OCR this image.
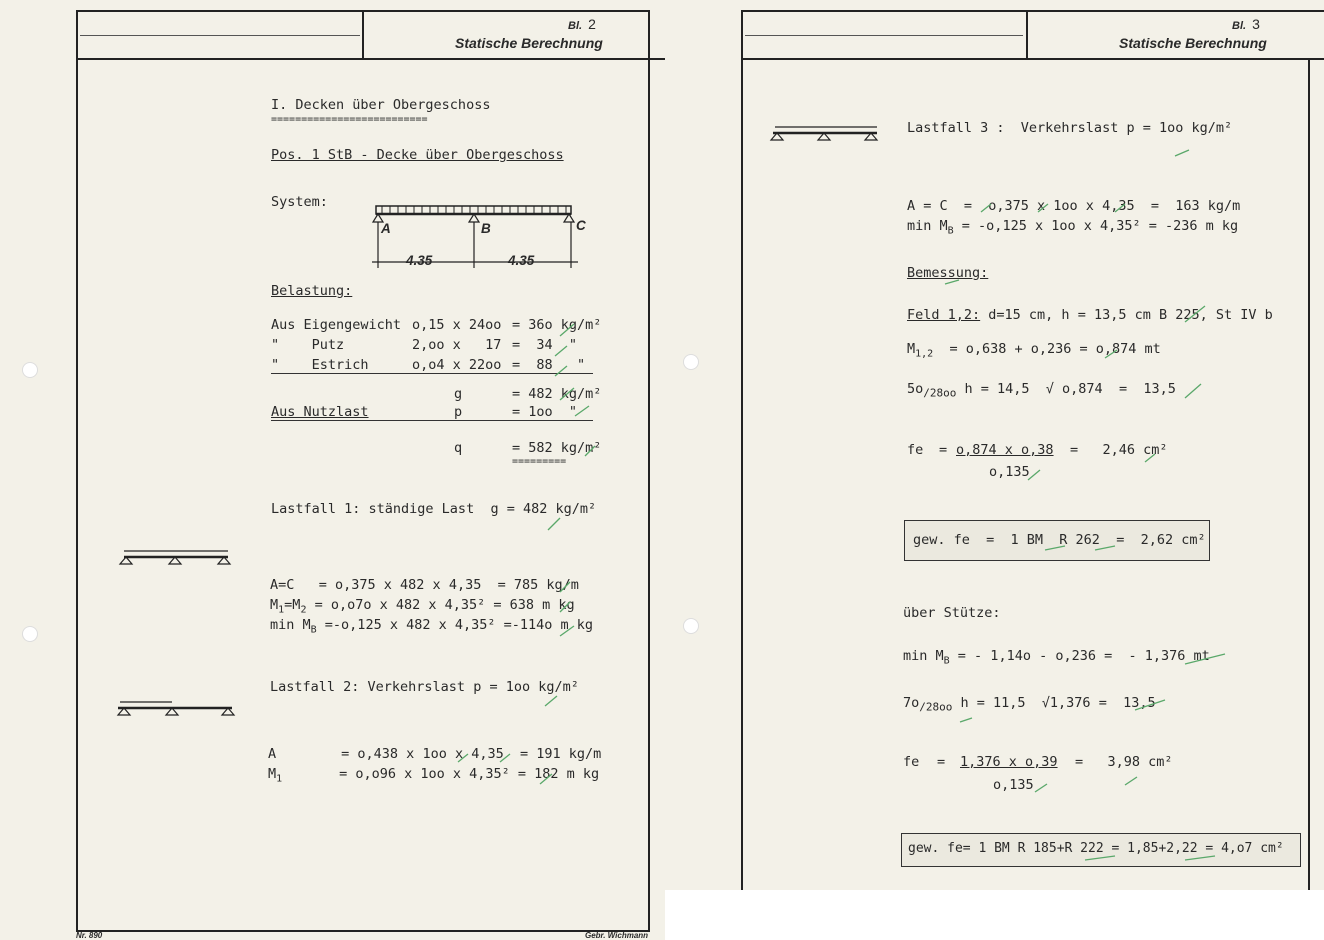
Bl. 2
Statische Berechnung
I. Decken über Obergeschoss
==========================
Pos. 1 StB - Decke über Obergeschoss
System:
A	B	C
4.35	4.35
Belastung:
Aus Eigengewicht o,15 x 24oo = 36o kg/m²
"    Putz	2,oo x   17 =  34  "
"    Estrich	o,o4 x 22oo =  88   "
g	= 482 kg/m²
Aus Nutzlast	p	= 1oo  "
q	= 582 kg/m²
=========
Lastfall 1: ständige Last  g = 482 kg/m²
A=C   = o,375 x 482 x 4,35  = 785 kg/m
$M_1=M_2 = o,o7o$ x 482 x 4,35² = 638 m kg
$\min M_B =-o,125$ x 482 x 4,35² =-114o m kg
Lastfall 2: Verkehrslast p = 1oo kg/m²
A        = o,438 x 1oo x 4,35  = 191 kg/m
$M_1$       = o,o96 x 1oo x 4,35² = 182 m kg
Nr. 890	Gebr. Wichmann
Bl. 3
Statische Berechnung
Lastfall 3 :  Verkehrslast p = 1oo kg/m²
A = C  =  o,375 x 1oo x 4,35  =  163 kg/m
$\min M_B = -o,125$ x 1oo x 4,35² = -236 m kg
Bemessung:
Feld 1,2: d=15 cm, h = 13,5 cm B 225, St IV b
$M_{1,2} = o,638 + o,236 = o,874$ mt
$5o_{/28oo}$ h = 14,5  √ o,874  =  13,5
fe = o,874 x o,38 =   2,46 cm²
o,135
gew. fe  =  1 BM  R 262  =  2,62 cm²
über Stütze:
$\min M_B$ = - 1,14o - o,236 =  - 1,376 mt
$7o_{/28oo}$ h = 11,5  √1,376 =  13,5
fe = 1,376 x o,39 =   3,98 cm²
o,135
gew. fe= 1 BM R 185+R 222 = 1,85+2,22 = 4,o7 cm²
